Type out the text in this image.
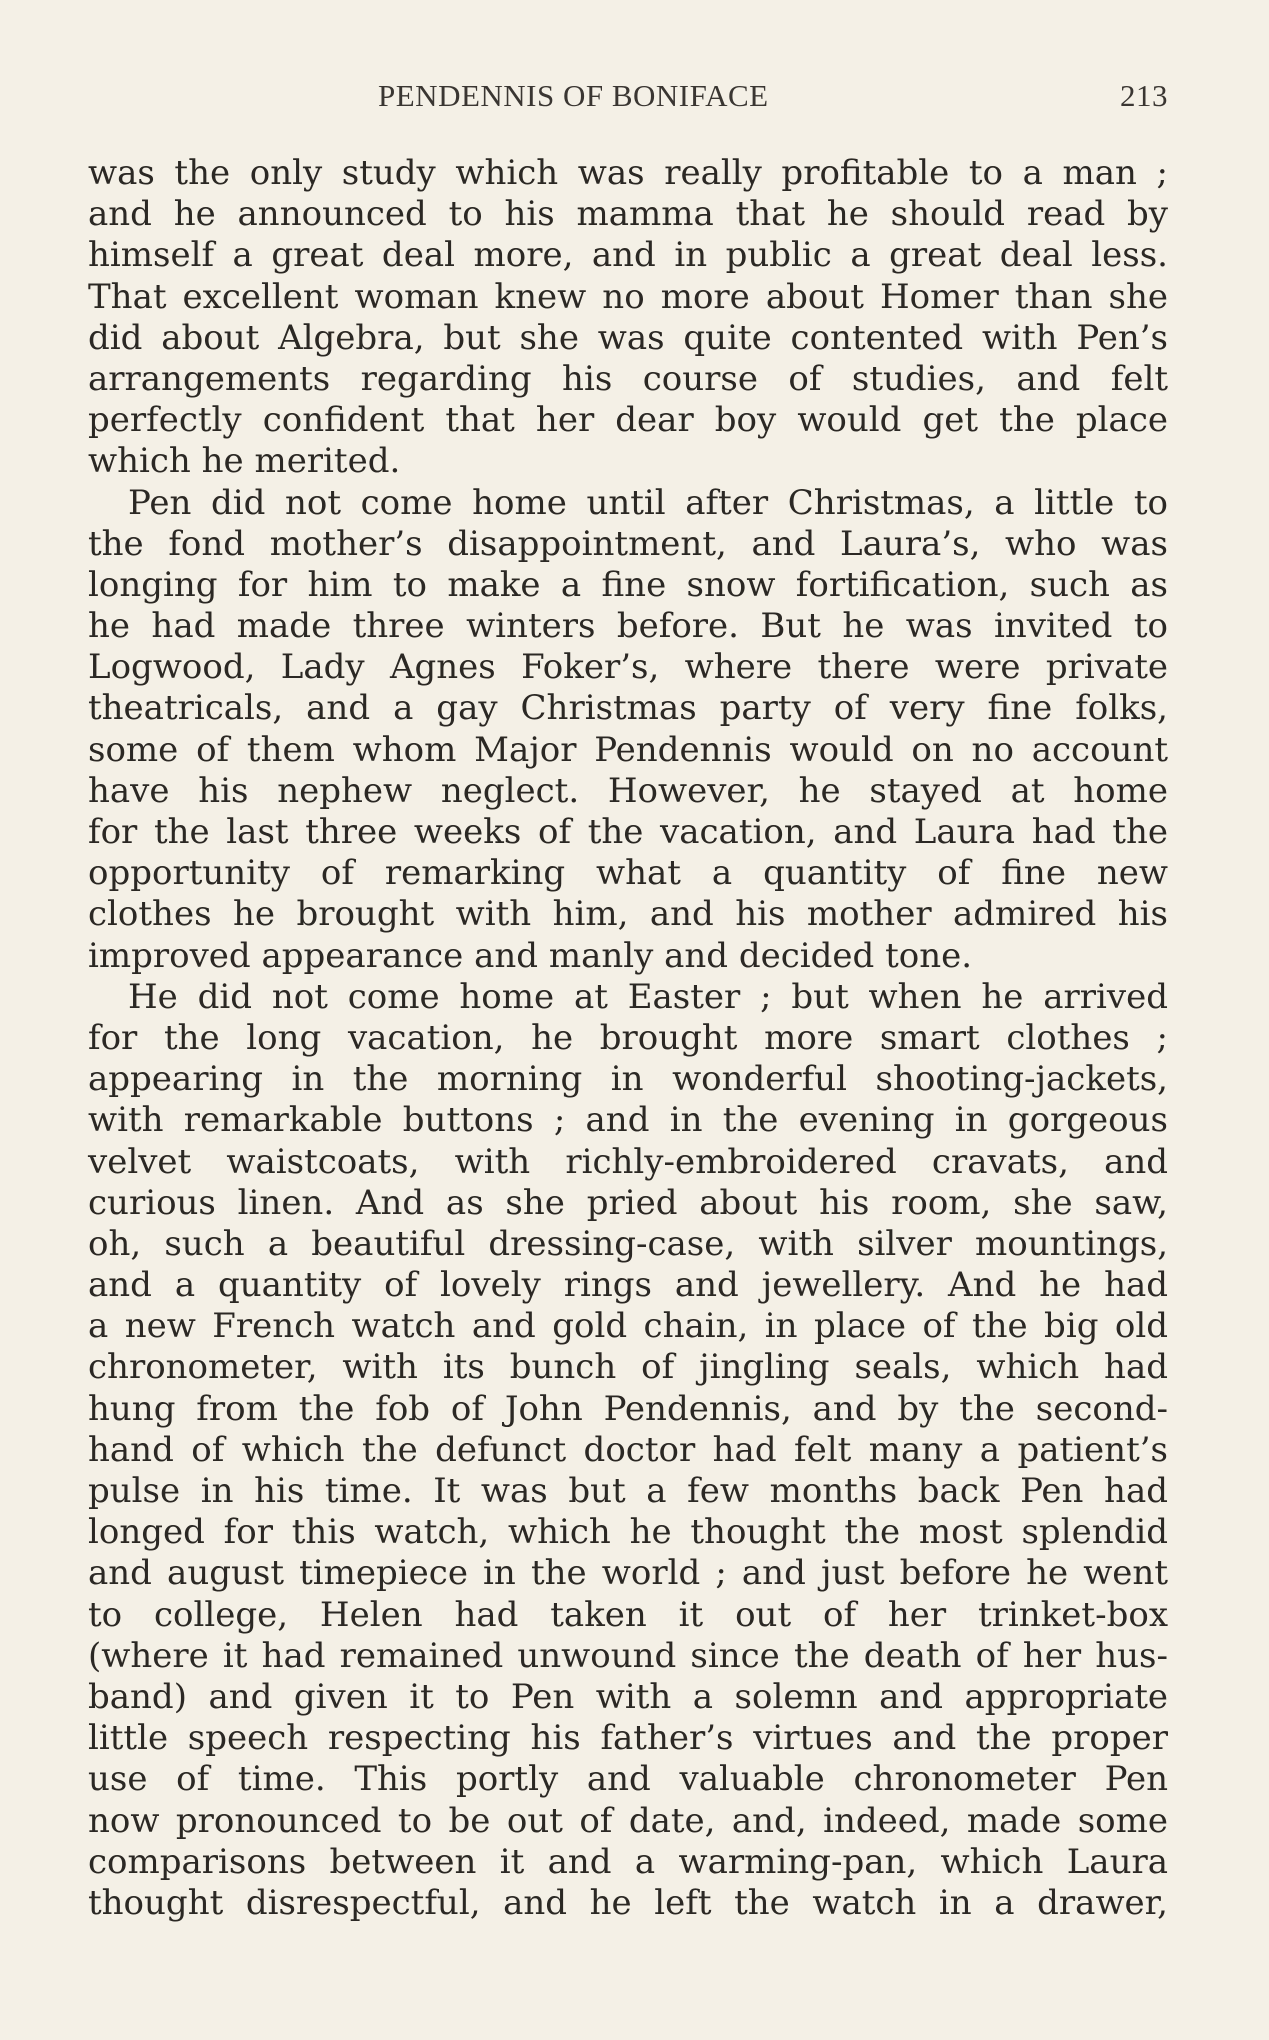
PENDENNIS OF BONIFACE	213
was the only study which was really profitable to a man ;
and he announced to his mamma that he should read by
himself a great deal more, and in public a great deal less.
That excellent woman knew no more about Homer than she
did about Algebra, but she was quite contented with Pen’s
arrangements regarding his course of studies, and felt
perfectly confident that her dear boy would get the place
which he merited.
Pen did not come home until after Christmas, a little to
the fond mother’s disappointment, and Laura’s, who was
longing for him to make a fine snow fortification, such as
he had made three winters before. But he was invited to
Logwood, Lady Agnes Foker’s, where there were private
theatricals, and a gay Christmas party of very fine folks,
some of them whom Major Pendennis would on no account
have his nephew neglect. However, he stayed at home
for the last three weeks of the vacation, and Laura had the
opportunity of remarking what a quantity of fine new
clothes he brought with him, and his mother admired his
improved appearance and manly and decided tone.
He did not come home at Easter ; but when he arrived
for the long vacation, he brought more smart clothes ;
appearing in the morning in wonderful shooting-jackets,
with remarkable buttons ; and in the evening in gorgeous
velvet waistcoats, with richly-embroidered cravats, and
curious linen. And as she pried about his room, she saw,
oh, such a beautiful dressing-case, with silver mountings,
and a quantity of lovely rings and jewellery. And he had
a new French watch and gold chain, in place of the big old
chronometer, with its bunch of jingling seals, which had
hung from the fob of John Pendennis, and by the second-
hand of which the defunct doctor had felt many a patient’s
pulse in his time. It was but a few months back Pen had
longed for this watch, which he thought the most splendid
and august timepiece in the world ; and just before he went
to college, Helen had taken it out of her trinket-box
(where it had remained unwound since the death of her hus-
band) and given it to Pen with a solemn and appropriate
little speech respecting his father’s virtues and the proper
use of time. This portly and valuable chronometer Pen
now pronounced to be out of date, and, indeed, made some
comparisons between it and a warming-pan, which Laura
thought disrespectful, and he left the watch in a drawer,
